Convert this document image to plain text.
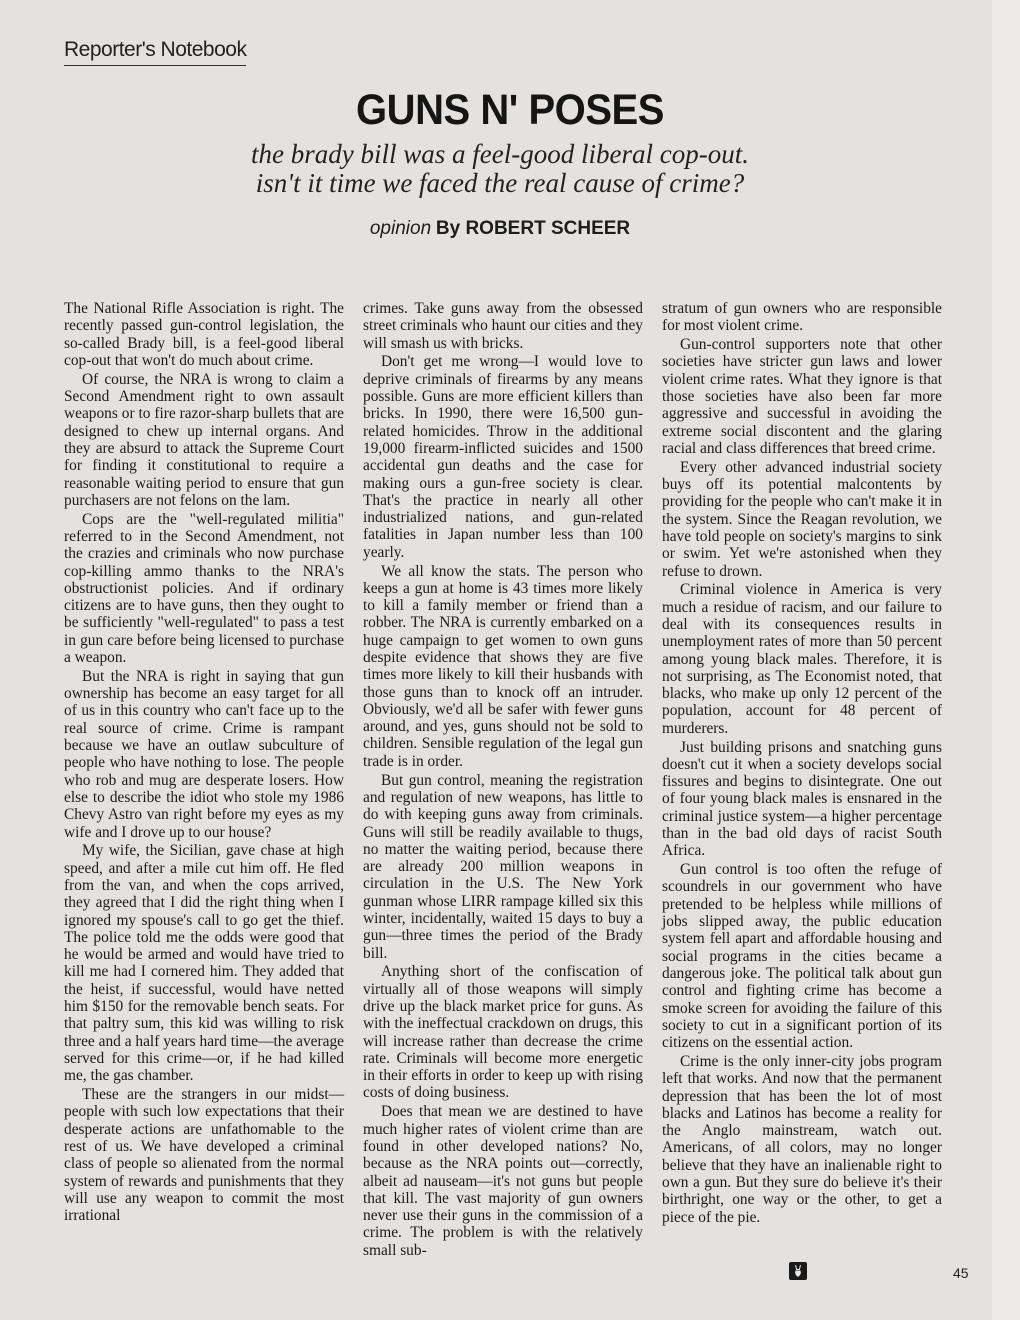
Reporter's Notebook
GUNS N' POSES
the brady bill was a feel-good liberal cop-out.
isn't it time we faced the real cause of crime?
opinion By ROBERT SCHEER

The National Rifle Association is right. The recently passed gun-control legislation, the so-called Brady bill, is a feel-good liberal cop-out that won't do much about crime.

Of course, the NRA is wrong to claim a Second Amendment right to own assault weapons or to fire razor-sharp bullets that are designed to chew up internal organs. And they are absurd to attack the Supreme Court for finding it constitutional to require a reasonable waiting period to ensure that gun purchasers are not felons on the lam.

Cops are the "well-regulated militia" referred to in the Second Amendment, not the crazies and criminals who now purchase cop-killing ammo thanks to the NRA's obstructionist policies. And if ordinary citizens are to have guns, then they ought to be sufficiently "well-regulated" to pass a test in gun care before being licensed to purchase a weapon.

But the NRA is right in saying that gun ownership has become an easy target for all of us in this country who can't face up to the real source of crime. Crime is rampant because we have an outlaw subculture of people who have nothing to lose. The people who rob and mug are desperate losers. How else to describe the idiot who stole my 1986 Chevy Astro van right before my eyes as my wife and I drove up to our house?

My wife, the Sicilian, gave chase at high speed, and after a mile cut him off. He fled from the van, and when the cops arrived, they agreed that I did the right thing when I ignored my spouse's call to go get the thief. The police told me the odds were good that he would be armed and would have tried to kill me had I cornered him. They added that the heist, if successful, would have netted him $150 for the removable bench seats. For that paltry sum, this kid was willing to risk three and a half years hard time—the average served for this crime—or, if he had killed me, the gas chamber.

These are the strangers in our midst—people with such low expectations that their desperate actions are unfathomable to the rest of us. We have developed a criminal class of people so alienated from the normal system of rewards and punishments that they will use any weapon to commit the most irrational

crimes. Take guns away from the obsessed street criminals who haunt our cities and they will smash us with bricks.

Don't get me wrong—I would love to deprive criminals of firearms by any means possible. Guns are more efficient killers than bricks. In 1990, there were 16,500 gun-related homicides. Throw in the additional 19,000 firearm-inflicted suicides and 1500 accidental gun deaths and the case for making ours a gun-free society is clear. That's the practice in nearly all other industrialized nations, and gun-related fatalities in Japan number less than 100 yearly.

We all know the stats. The person who keeps a gun at home is 43 times more likely to kill a family member or friend than a robber. The NRA is currently embarked on a huge campaign to get women to own guns despite evidence that shows they are five times more likely to kill their husbands with those guns than to knock off an intruder. Obviously, we'd all be safer with fewer guns around, and yes, guns should not be sold to children. Sensible regulation of the legal gun trade is in order.

But gun control, meaning the registration and regulation of new weapons, has little to do with keeping guns away from criminals. Guns will still be readily available to thugs, no matter the waiting period, because there are already 200 million weapons in circulation in the U.S. The New York gunman whose LIRR rampage killed six this winter, incidentally, waited 15 days to buy a gun—three times the period of the Brady bill.

Anything short of the confiscation of virtually all of those weapons will simply drive up the black market price for guns. As with the ineffectual crackdown on drugs, this will increase rather than decrease the crime rate. Criminals will become more energetic in their efforts in order to keep up with rising costs of doing business.

Does that mean we are destined to have much higher rates of violent crime than are found in other developed nations? No, because as the NRA points out—correctly, albeit ad nauseam—it's not guns but people that kill. The vast majority of gun owners never use their guns in the commission of a crime. The problem is with the relatively small sub-

stratum of gun owners who are responsible for most violent crime.

Gun-control supporters note that other societies have stricter gun laws and lower violent crime rates. What they ignore is that those societies have also been far more aggressive and successful in avoiding the extreme social discontent and the glaring racial and class differences that breed crime.

Every other advanced industrial society buys off its potential malcontents by providing for the people who can't make it in the system. Since the Reagan revolution, we have told people on society's margins to sink or swim. Yet we're astonished when they refuse to drown.

Criminal violence in America is very much a residue of racism, and our failure to deal with its consequences results in unemployment rates of more than 50 percent among young black males. Therefore, it is not surprising, as The Economist noted, that blacks, who make up only 12 percent of the population, account for 48 percent of murderers.

Just building prisons and snatching guns doesn't cut it when a society develops social fissures and begins to disintegrate. One out of four young black males is ensnared in the criminal justice system—a higher percentage than in the bad old days of racist South Africa.

Gun control is too often the refuge of scoundrels in our government who have pretended to be helpless while millions of jobs slipped away, the public education system fell apart and affordable housing and social programs in the cities became a dangerous joke. The political talk about gun control and fighting crime has become a smoke screen for avoiding the failure of this society to cut in a significant portion of its citizens on the essential action.

Crime is the only inner-city jobs program left that works. And now that the permanent depression that has been the lot of most blacks and Latinos has become a reality for the Anglo mainstream, watch out. Americans, of all colors, may no longer believe that they have an inalienable right to own a gun. But they sure do believe it's their birthright, one way or the other, to get a piece of the pie.

45
